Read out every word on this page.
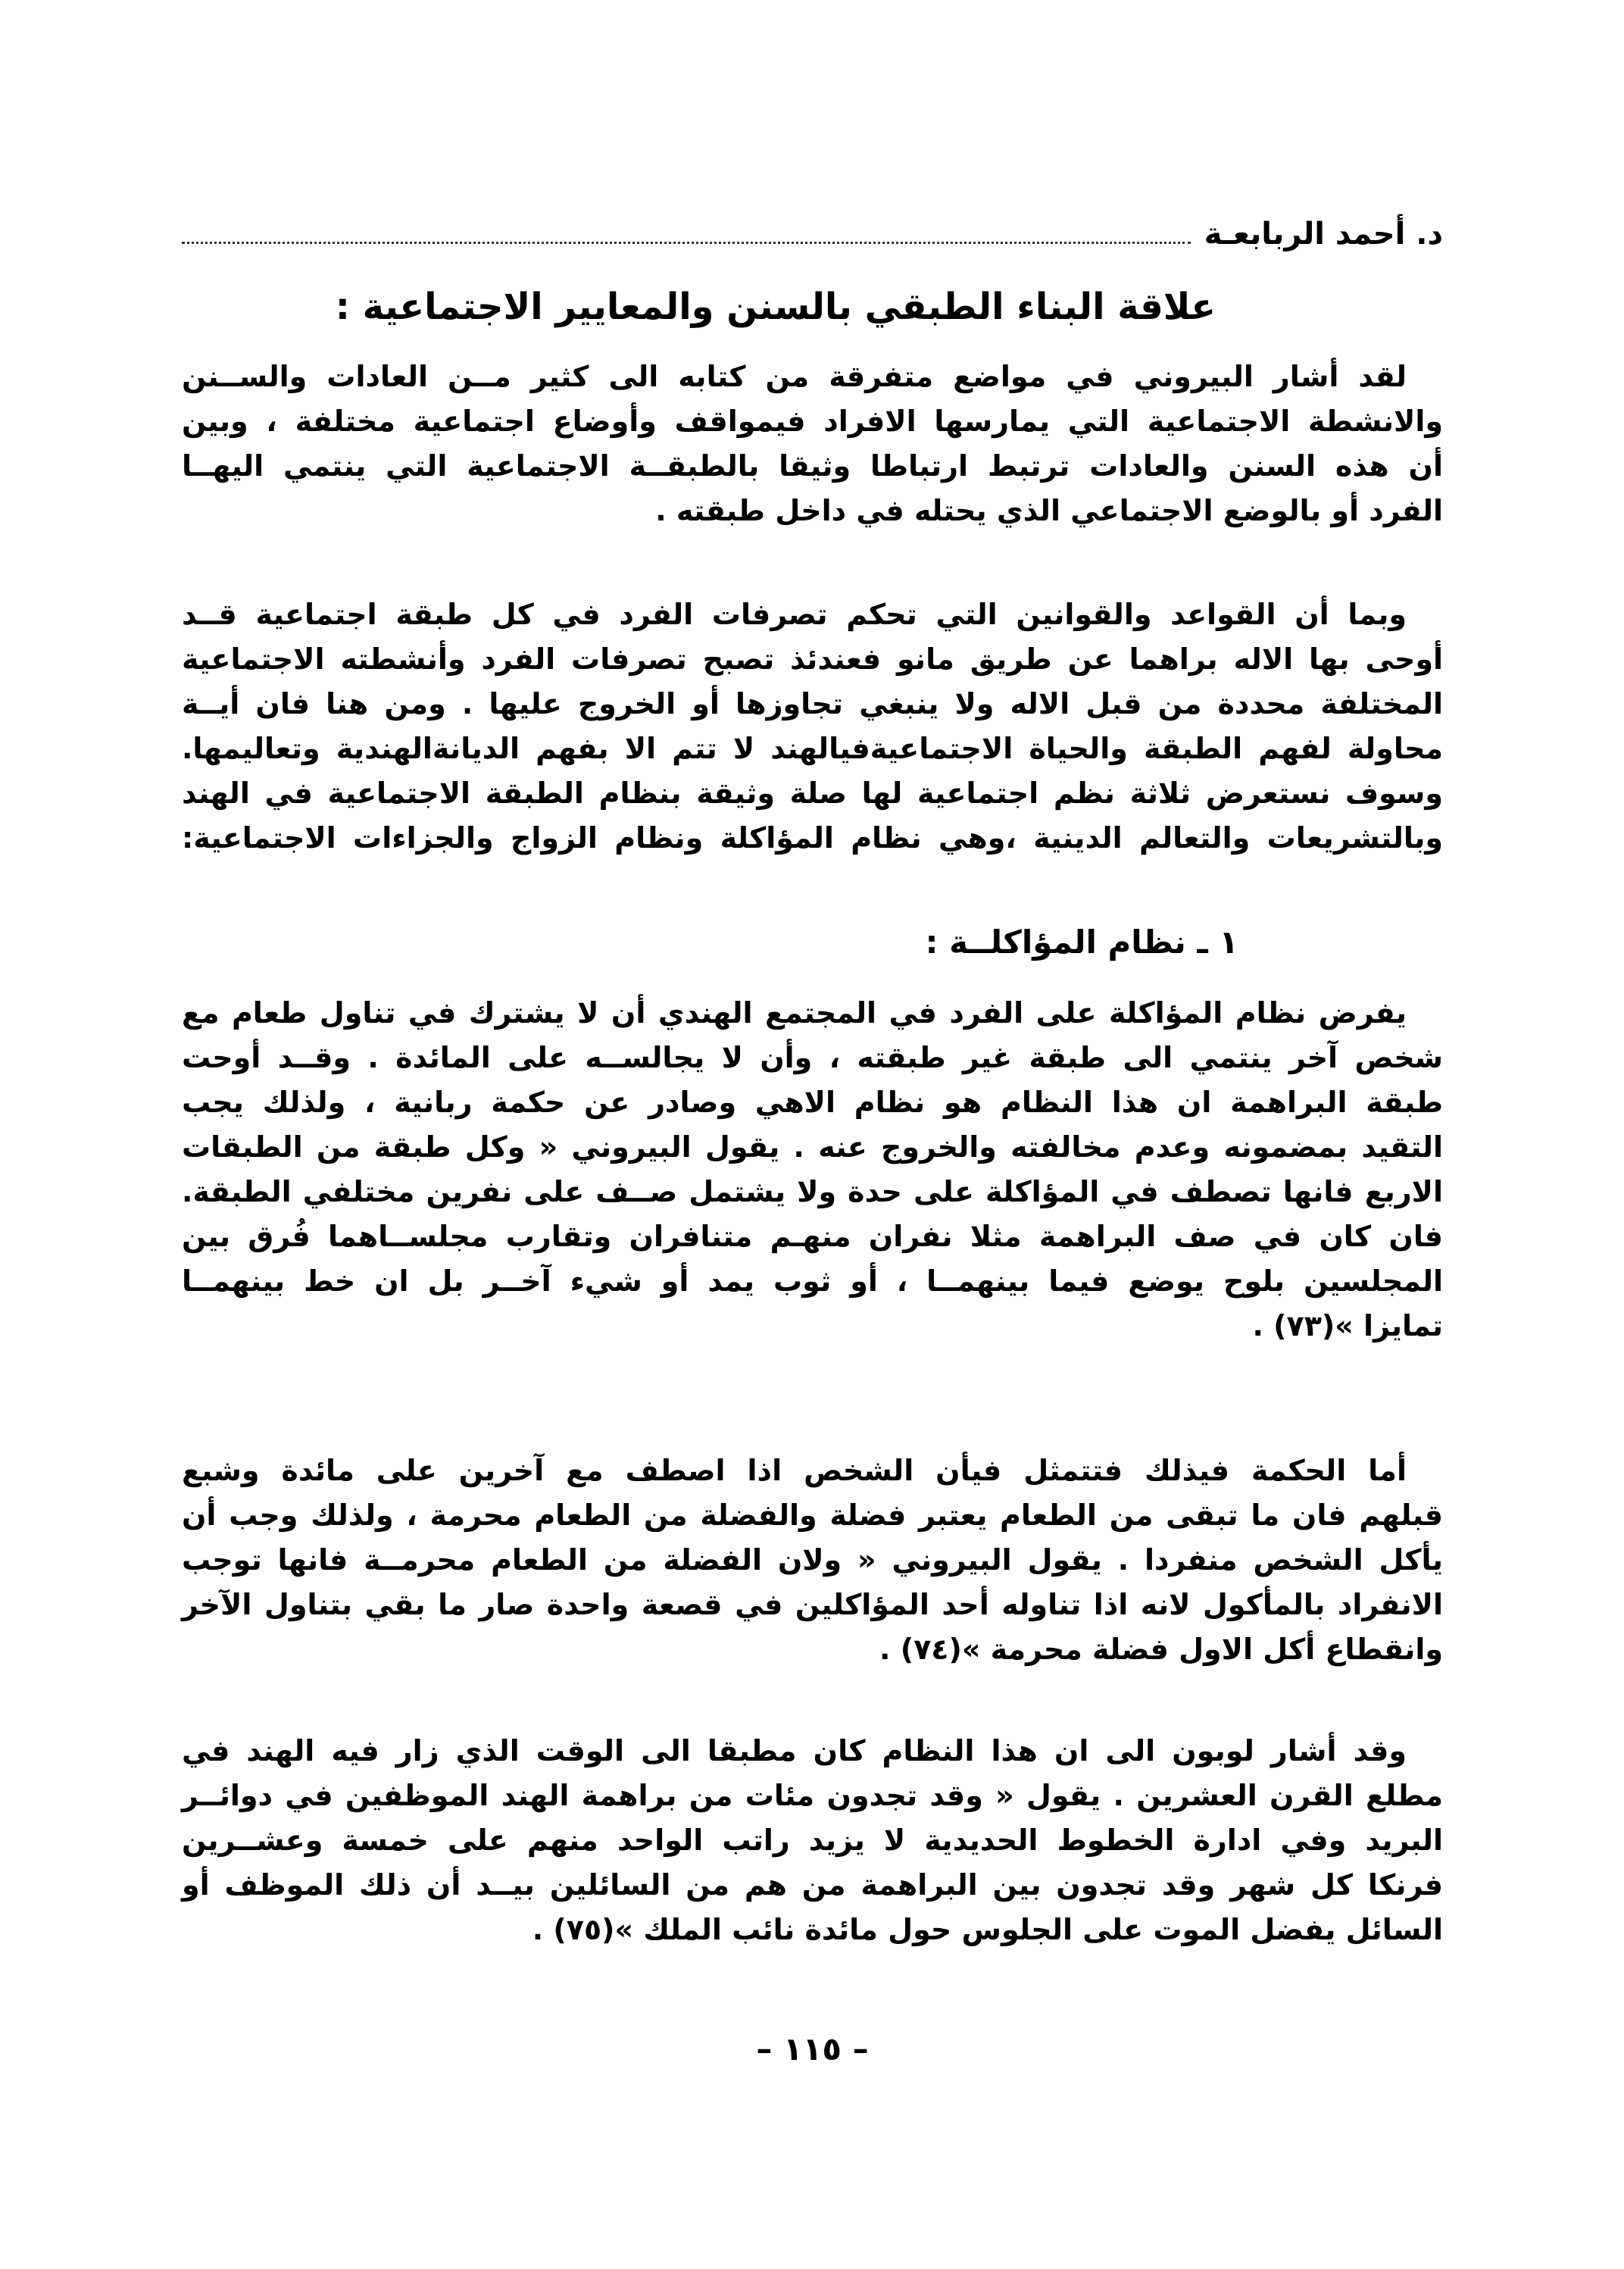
د. أحمد الربابعـة
علاقة البناء الطبقي بالسنن والمعايير الاجتماعية :
لقد أشار البيروني في مواضع متفرقة من كتابه الى كثير مــن العادات والســنن
والانشطة الاجتماعية التي يمارسها الافراد فيمواقف وأوضاع اجتماعية مختلفة ، وبين
أن هذه السنن والعادات ترتبط ارتباطا وثيقا بالطبقــة الاجتماعية التي ينتمي اليهــا
الفرد أو بالوضع الاجتماعي الذي يحتله في داخل طبقته .
وبما أن القواعد والقوانين التي تحكم تصرفات الفرد في كل طبقة اجتماعية قــد
أوحى بها الاله براهما عن طريق مانو فعندئذ تصبح تصرفات الفرد وأنشطته الاجتماعية
المختلفة محددة من قبل الاله ولا ينبغي تجاوزها أو الخروج عليها . ومن هنا فان أيــة
محاولة لفهم الطبقة والحياة الاجتماعيةفيالهند لا تتم الا بفهم الديانةالهندية وتعاليمها.
وسوف نستعرض ثلاثة نظم اجتماعية لها صلة وثيقة بنظام الطبقة الاجتماعية في الهند
وبالتشريعات والتعالم الدينية ،وهي نظام المؤاكلة ونظام الزواج والجزاءات الاجتماعية:
١ ـ نظام المؤاكلــة :
يفرض نظام المؤاكلة على الفرد في المجتمع الهندي أن لا يشترك في تناول طعام مع
شخص آخر ينتمي الى طبقة غير طبقته ، وأن لا يجالســه على المائدة . وقــد أوحت
طبقة البراهمة ان هذا النظام هو نظام الاهي وصادر عن حكمة ربانية ، ولذلك يجب
التقيد بمضمونه وعدم مخالفته والخروج عنه . يقول البيروني « وكل طبقة من الطبقات
الاربع فانها تصطف في المؤاكلة على حدة ولا يشتمل صــف على نفرين مختلفي الطبقة.
فان كان في صف البراهمة مثلا نفران منهـم متنافران وتقارب مجلســاهما فُرق بين
المجلسين بلوح يوضع فيما بينهمــا ، أو ثوب يمد أو شيء آخــر بل ان خط بينهمــا
تمايزا »(٧٣) .
أما الحكمة فيذلك فتتمثل فيأن الشخص اذا اصطف مع آخرين على مائدة وشبع
قبلهم فان ما تبقى من الطعام يعتبر فضلة والفضلة من الطعام محرمة ، ولذلك وجب أن
يأكل الشخص منفردا . يقول البيروني « ولان الفضلة من الطعام محرمــة فانها توجب
الانفراد بالمأكول لانه اذا تناوله أحد المؤاكلين في قصعة واحدة صار ما بقي بتناول الآخر
وانقطاع أكل الاول فضلة محرمة »(٧٤) .
وقد أشار لوبون الى ان هذا النظام كان مطبقا الى الوقت الذي زار فيه الهند في
مطلع القرن العشرين . يقول « وقد تجدون مئات من براهمة الهند الموظفين في دوائــر
البريد وفي ادارة الخطوط الحديدية لا يزيد راتب الواحد منهم على خمسة وعشــرين
فرنكا كل شهر وقد تجدون بين البراهمة من هم من السائلين بيــد أن ذلك الموظف أو
السائل يفضل الموت على الجلوس حول مائدة نائب الملك »(٧٥) .
– ١١٥ –
